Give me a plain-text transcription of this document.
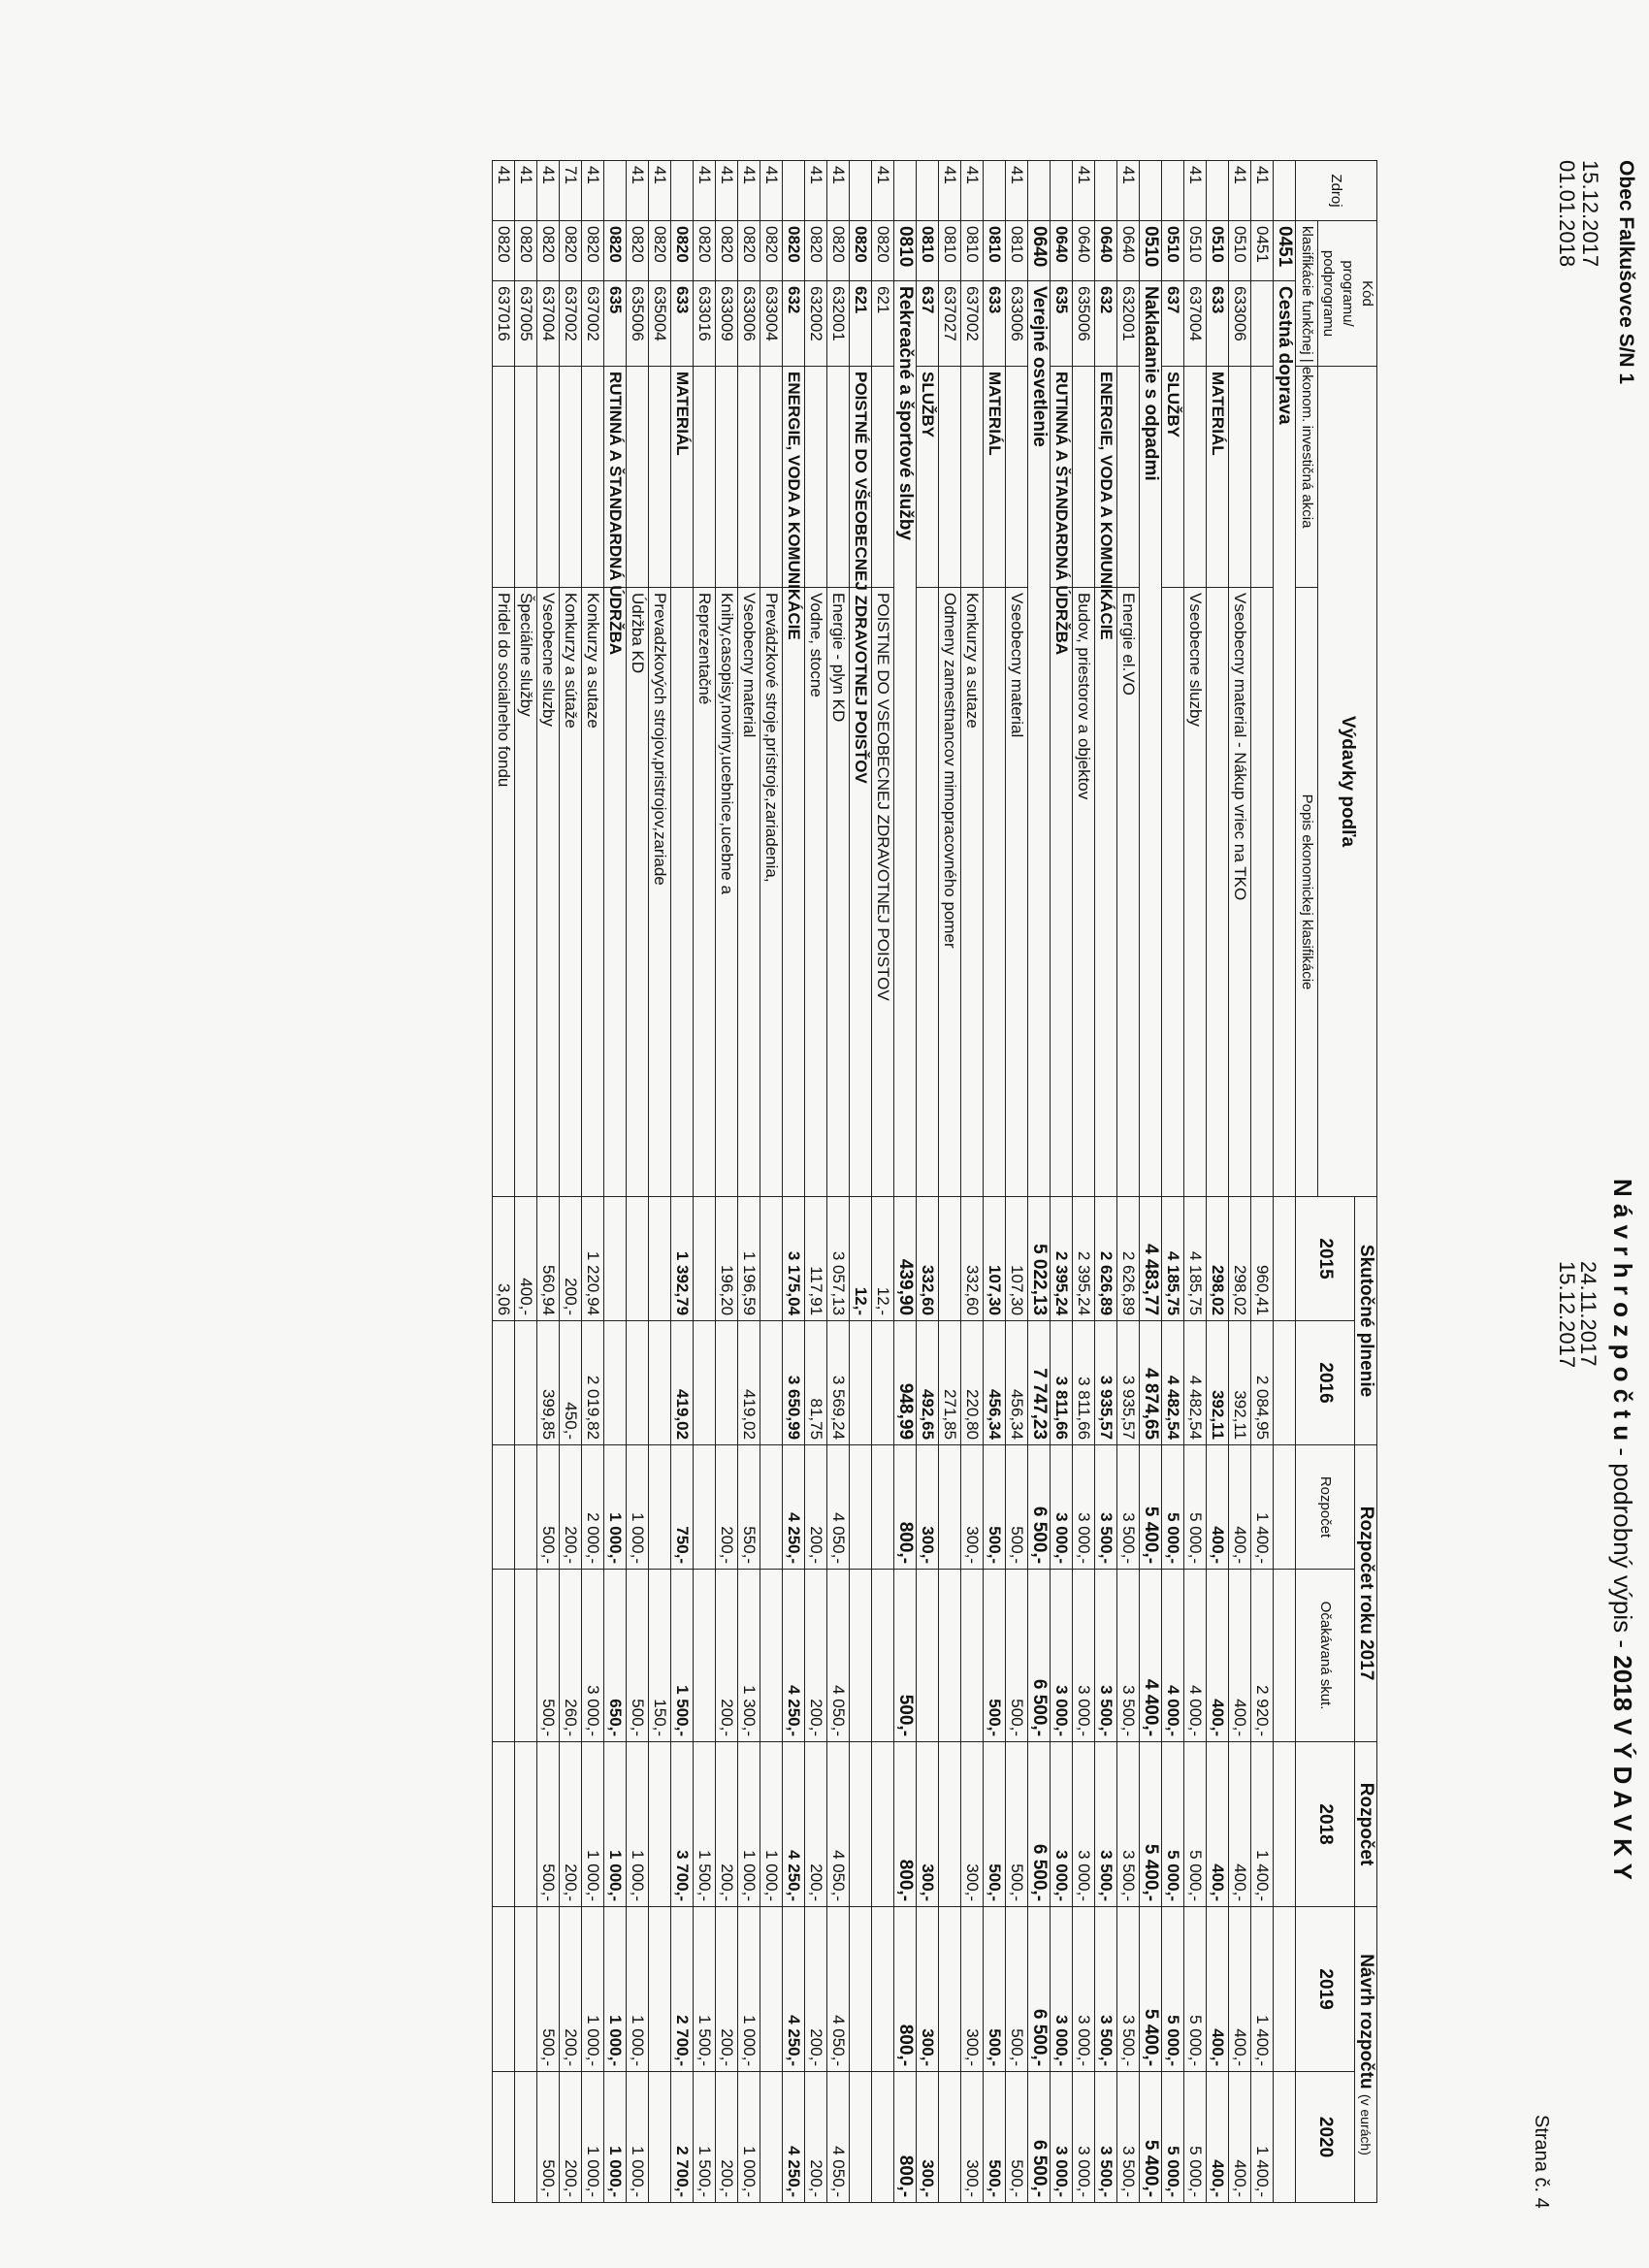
Obec Falkušovce S/N 1
15.12.2017
01.01.2018
N á v r h r o z p o č t u - podrobný výpis - 2018 V Ý D A V K Y
24.11.2017
15.12.2017
Strana č. 4
Zdroj	Kód
programu/
podprogramu		Výdavky podľa		Skutočné plnenie		Rozpočet roku 2017		Rozpočet	Návrh rozpočtu (v eurách)	
					2015	2016	Rozpočet	Očakávaná skut.	2018	2019	2020
	klasifikácie funkčnej | ekonom.		investičná akcia	Popis ekonomickej klasifikácie							
	0451	Cestná doprava									
41	0451				960,41	2 084,95	1 400,-	2 920,-	1 400,-	1 400,-	1 400,-
41	0510	633006		Vseobecny material - Nákup vriec na TKO	298,02	392,11	400,-	400,-	400,-	400,-	400,-
	0510	633	MATERIÁL		298,02	392,11	400,-	400,-	400,-	400,-	400,-
41	0510	637004		Vseobecne sluzby	4 185,75	4 482,54	5 000,-	4 000,-	5 000,-	5 000,-	5 000,-
	0510	637	SLUŽBY		4 185,75	4 482,54	5 000,-	4 000,-	5 000,-	5 000,-	5 000,-
	0510	Nakladanie s odpadmi			4 483,77	4 874,65	5 400,-	4 400,-	5 400,-	5 400,-	5 400,-
41	0640	632001		Energie el.VO	2 626,89	3 935,57	3 500,-	3 500,-	3 500,-	3 500,-	3 500,-
	0640	632	ENERGIE, VODA A KOMUNIKÁCIE		2 626,89	3 935,57	3 500,-	3 500,-	3 500,-	3 500,-	3 500,-
41	0640	635006		Budov, priestorov a objektov	2 395,24	3 811,66	3 000,-	3 000,-	3 000,-	3 000,-	3 000,-
	0640	635	RUTINNÁ A ŠTANDARDNÁ ÚDRŽBA		2 395,24	3 811,66	3 000,-	3 000,-	3 000,-	3 000,-	3 000,-
	0640	Verejné osvetlenie			5 022,13	7 747,23	6 500,-	6 500,-	6 500,-	6 500,-	6 500,-
41	0810	633006		Vseobecny material	107,30	456,34	500,-	500,-	500,-	500,-	500,-
	0810	633	MATERIÁL		107,30	456,34	500,-	500,-	500,-	500,-	500,-
41	0810	637002		Konkurzy a sutaze	332,60	220,80	300,-		300,-	300,-	300,-
41	0810	637027		Odmeny zamestnancov mimopracovného pomer		271,85					
	0810	637	SLUŽBY		332,60	492,65	300,-		300,-	300,-	300,-
	0810	Rekreačné a športové služby			439,90	948,99	800,-	500,-	800,-	800,-	800,-
41	0820	621		POISTNE DO VSEOBECNEJ ZDRAVOTNEJ POISTOV	12,-						
	0820	621	POISTNÉ DO VŠEOBECNEJ ZDRAVOTNEJ POISŤOV		12,-						
41	0820	632001		Energie - plyn KD	3 057,13	3 569,24	4 050,-	4 050,-	4 050,-	4 050,-	4 050,-
41	0820	632002		Vodne, stocne	117,91	81,75	200,-	200,-	200,-	200,-	200,-
	0820	632	ENERGIE, VODA A KOMUNIKÁCIE		3 175,04	3 650,99	4 250,-	4 250,-	4 250,-	4 250,-	4 250,-
41	0820	633004		Prevádzkové stroje,prístroje,zariadenia,					1 000,-		
41	0820	633006		Vseobecny material	1 196,59	419,02	550,-	1 300,-	1 000,-	1 000,-	1 000,-
41	0820	633009		Knihy,casopisy,noviny,ucebnice,ucebne a	196,20		200,-	200,-	200,-	200,-	200,-
41	0820	633016		Reprezentačné					1 500,-	1 500,-	1 500,-
	0820	633	MATERIÁL		1 392,79	419,02	750,-	1 500,-	3 700,-	2 700,-	2 700,-
41	0820	635004		Prevadzkových strojov,pristrojov,zariade				150,-			
41	0820	635006		Údržba KD			1 000,-	500,-	1 000,-	1 000,-	1 000,-
	0820	635	RUTINNÁ A ŠTANDARDNÁ ÚDRŽBA				1 000,-	650,-	1 000,-	1 000,-	1 000,-
41	0820	637002		Konkurzy a sutaze	1 220,94	2 019,82	2 000,-	3 000,-	1 000,-	1 000,-	1 000,-
71	0820	637002		Konkurzy a sútaže	200,-	450,-	200,-	260,-	200,-	200,-	200,-
41	0820	637004		Vseobecne sluzby	560,94	399,85	500,-	500,-	500,-	500,-	500,-
41	0820	637005		Špeciálne služby	400,-						
41	0820	637016		Pridel do socialneho fondu	3,06						
